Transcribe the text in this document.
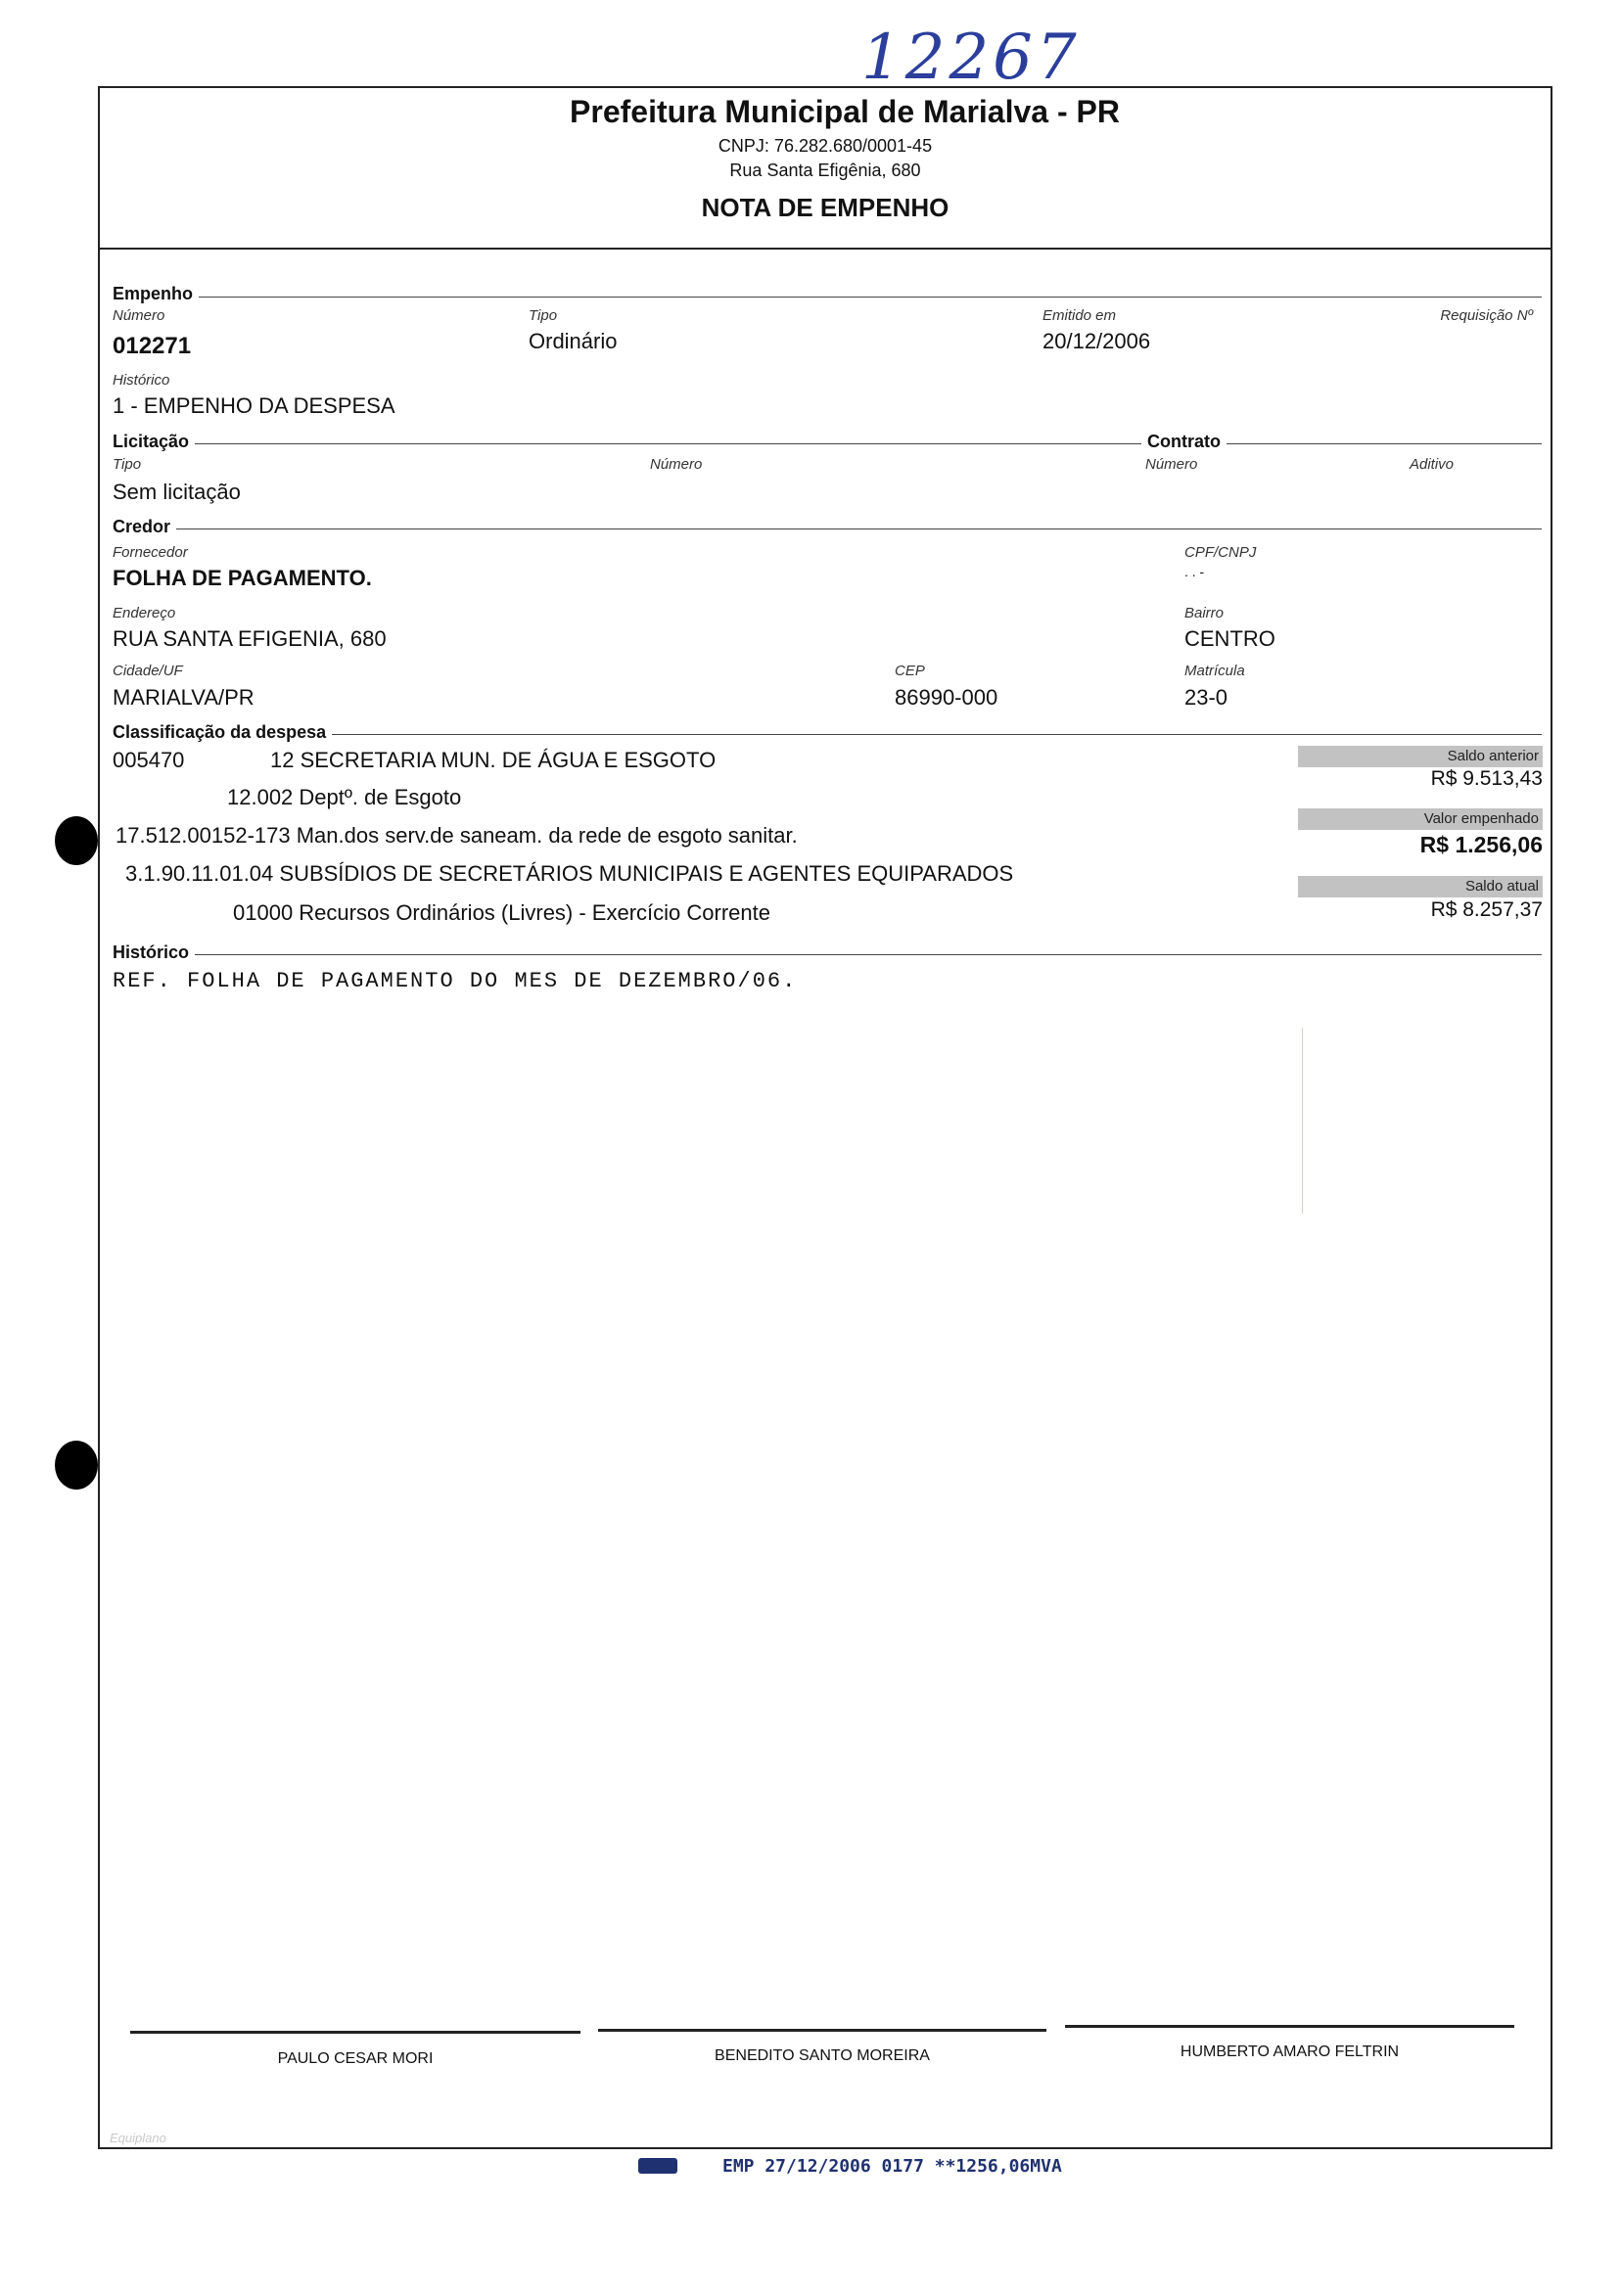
12267
Prefeitura Municipal de Marialva - PR
CNPJ: 76.282.680/0001-45
Rua Santa Efigênia, 680
NOTA DE EMPENHO
Empenho
Número
012271
Tipo
Ordinário
Emitido em
20/12/2006
Requisição Nº
Histórico
1 - EMPENHO DA DESPESA
Licitação	Contrato
Tipo
Sem licitação
Número	Número	Aditivo
Credor
Fornecedor
FOLHA DE PAGAMENTO.
CPF/CNPJ
. . -
Endereço
RUA SANTA EFIGENIA, 680
Bairro
CENTRO
Cidade/UF
MARIALVA/PR
CEP
86990-000
Matrícula
23-0
Classificação da despesa
005470	12 SECRETARIA MUN. DE ÁGUA E ESGOTO
12.002 Deptº. de Esgoto
17.512.00152-173 Man.dos serv.de saneam. da rede de esgoto sanitar.
3.1.90.11.01.04 SUBSÍDIOS DE SECRETÁRIOS MUNICIPAIS E AGENTES EQUIPARADOS
01000 Recursos Ordinários (Livres) - Exercício Corrente
Saldo anterior
R$ 9.513,43
Valor empenhado
R$ 1.256,06
Saldo atual
R$ 8.257,37
Histórico
REF. FOLHA DE PAGAMENTO DO MES DE DEZEMBRO/06.
PAULO CESAR MORI	BENEDITO SANTO MOREIRA	HUMBERTO AMARO FELTRIN
Equiplano
EMP 27/12/2006 0177 **1256,06MVA
